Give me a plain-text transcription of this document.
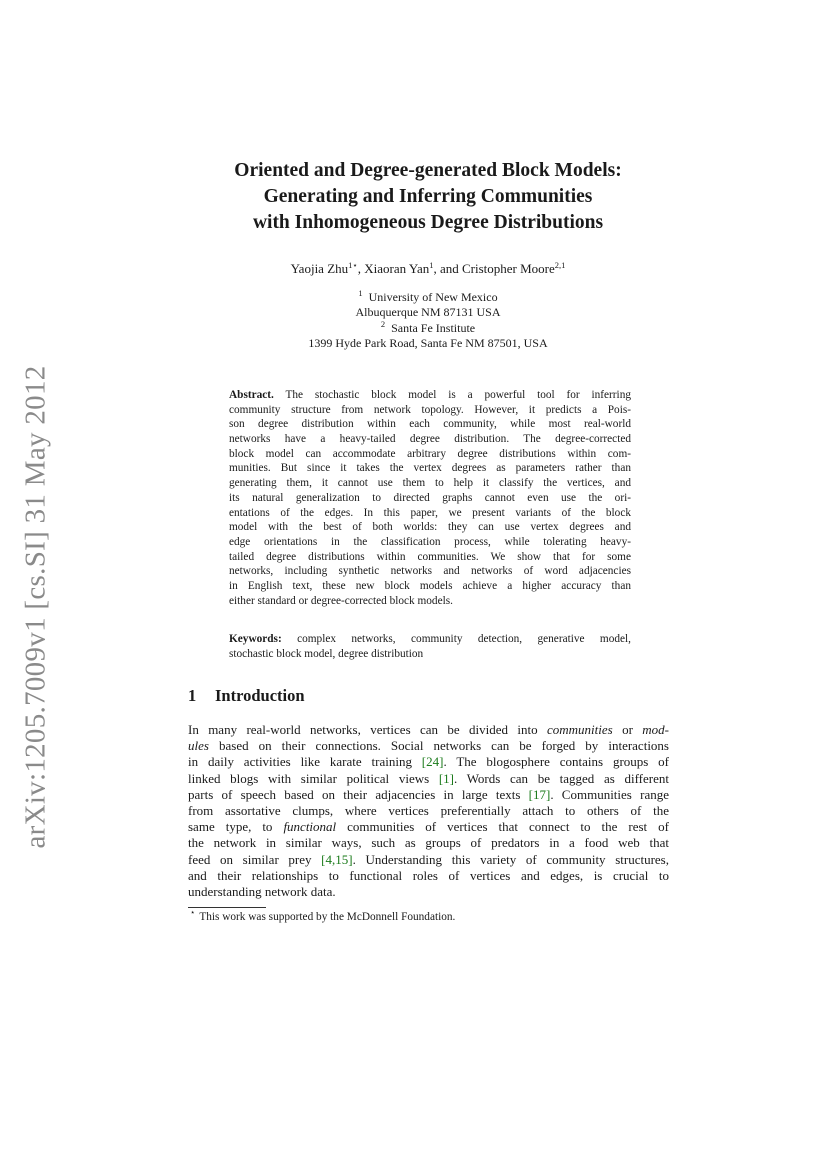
arXiv:1205.7009v1 [cs.SI] 31 May 2012
Oriented and Degree-generated Block Models:
Generating and Inferring Communities
with Inhomogeneous Degree Distributions
Yaojia Zhu$^{1⋆}$, Xiaoran Yan$^1$, and Cristopher Moore$^{2,1}$
$^1$ University of New Mexico
Albuquerque NM 87131 USA
$^2$ Santa Fe Institute
1399 Hyde Park Road, Santa Fe NM 87501, USA
Abstract. The stochastic block model is a powerful tool for inferring
community structure from network topology. However, it predicts a Pois-
son degree distribution within each community, while most real-world
networks have a heavy-tailed degree distribution. The degree-corrected
block model can accommodate arbitrary degree distributions within com-
munities. But since it takes the vertex degrees as parameters rather than
generating them, it cannot use them to help it classify the vertices, and
its natural generalization to directed graphs cannot even use the ori-
entations of the edges. In this paper, we present variants of the block
model with the best of both worlds: they can use vertex degrees and
edge orientations in the classification process, while tolerating heavy-
tailed degree distributions within communities. We show that for some
networks, including synthetic networks and networks of word adjacencies
in English text, these new block models achieve a higher accuracy than
either standard or degree-corrected block models.
Keywords: complex networks, community detection, generative model,
stochastic block model, degree distribution
1 Introduction
In many real-world networks, vertices can be divided into communities or mod-
ules based on their connections. Social networks can be forged by interactions
in daily activities like karate training [24]. The blogosphere contains groups of
linked blogs with similar political views [1]. Words can be tagged as different
parts of speech based on their adjacencies in large texts [17]. Communities range
from assortative clumps, where vertices preferentially attach to others of the
same type, to functional communities of vertices that connect to the rest of
the network in similar ways, such as groups of predators in a food web that
feed on similar prey [4,15]. Understanding this variety of community structures,
and their relationships to functional roles of vertices and edges, is crucial to
understanding network data.
⋆ This work was supported by the McDonnell Foundation.
